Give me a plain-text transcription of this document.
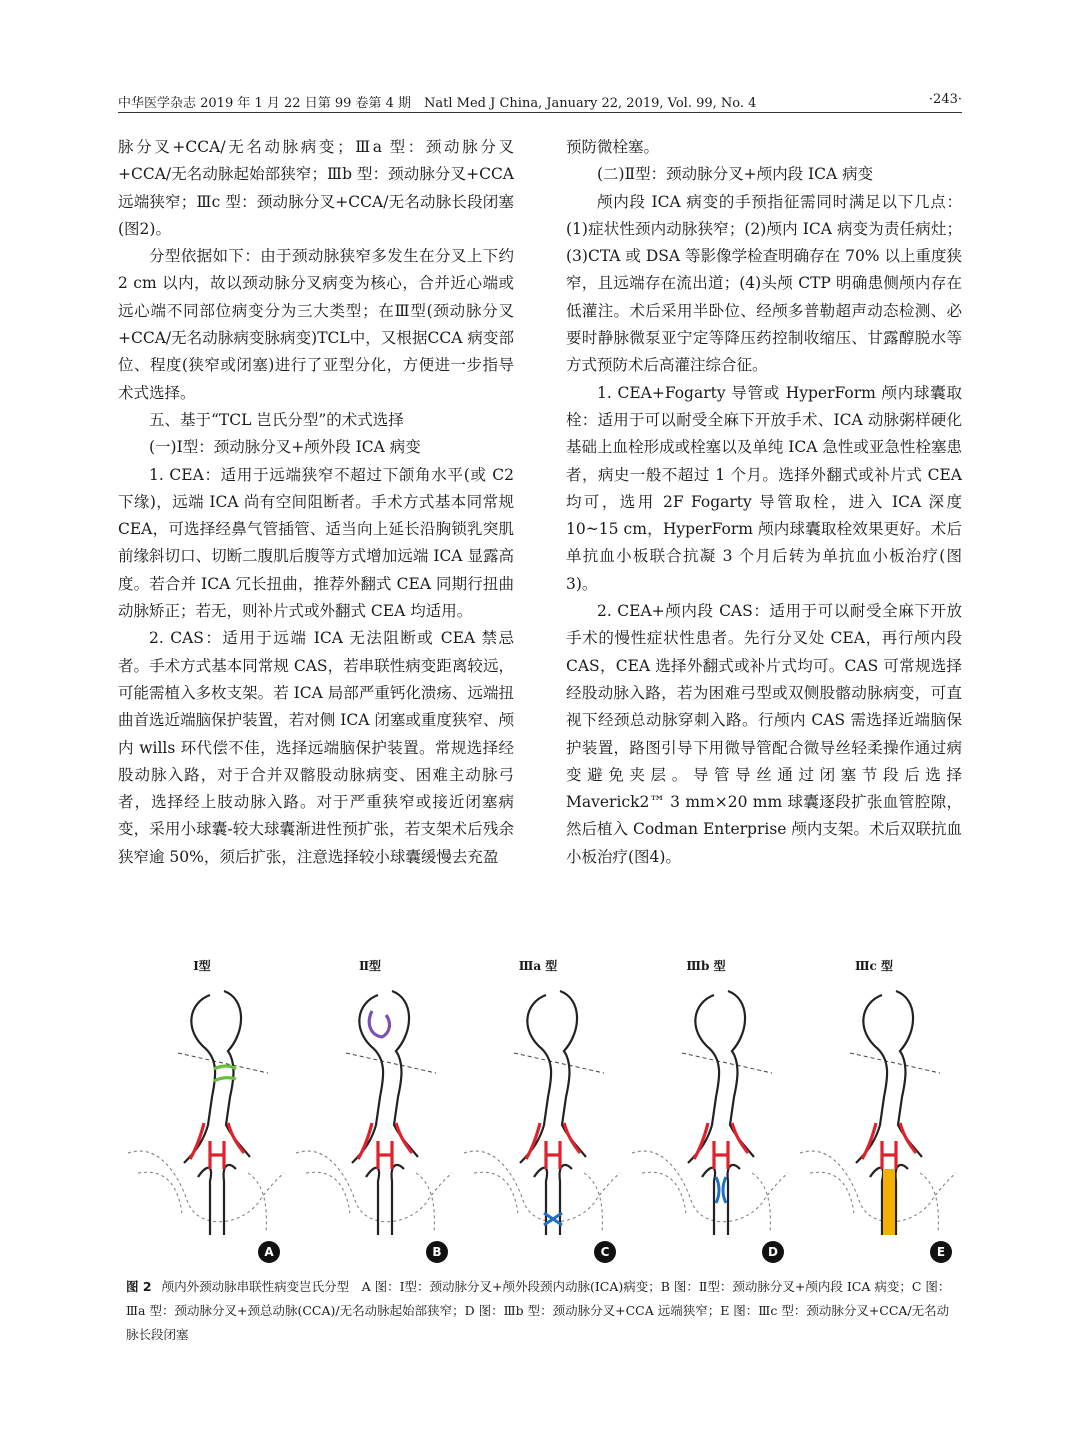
中华医学杂志 2019 年 1 月 22 日第 99 卷第 4 期　Natl Med J China, January 22, 2019, Vol. 99, No. 4	·243·

脉分叉+CCA/无名动脉病变；Ⅲa 型：颈动脉分叉+CCA/无名动脉起始部狭窄；Ⅲb 型：颈动脉分叉+CCA 远端狭窄；Ⅲc 型：颈动脉分叉+CCA/无名动脉长段闭塞(图2)。

分型依据如下：由于颈动脉狭窄多发生在分叉上下约 2 cm 以内，故以颈动脉分叉病变为核心，合并近心端或远心端不同部位病变分为三大类型；在Ⅲ型(颈动脉分叉+CCA/无名动脉病变脉病变)TCL中，又根据CCA 病变部位、程度(狭窄或闭塞)进行了亚型分化，方便进一步指导术式选择。

五、基于“TCL 岂氏分型”的术式选择

(一)Ⅰ型：颈动脉分叉+颅外段 ICA 病变

1. CEA：适用于远端狭窄不超过下颌角水平(或 C2 下缘)，远端 ICA 尚有空间阻断者。手术方式基本同常规 CEA，可选择经鼻气管插管、适当向上延长沿胸锁乳突肌前缘斜切口、切断二腹肌后腹等方式增加远端 ICA 显露高度。若合并 ICA 冗长扭曲，推荐外翻式 CEA 同期行扭曲动脉矫正；若无，则补片式或外翻式 CEA 均适用。

2. CAS：适用于远端 ICA 无法阻断或 CEA 禁忌者。手术方式基本同常规 CAS，若串联性病变距离较远，可能需植入多枚支架。若 ICA 局部严重钙化溃疡、远端扭曲首选近端脑保护装置，若对侧 ICA 闭塞或重度狭窄、颅内 wills 环代偿不佳，选择远端脑保护装置。常规选择经股动脉入路，对于合并双髂股动脉病变、困难主动脉弓者，选择经上肢动脉入路。对于严重狭窄或接近闭塞病变，采用小球囊-较大球囊渐进性预扩张，若支架术后残余狭窄逾 50%，须后扩张，注意选择较小球囊缓慢去充盈

预防微栓塞。

(二)Ⅱ型：颈动脉分叉+颅内段 ICA 病变

颅内段 ICA 病变的手预指征需同时满足以下几点：(1)症状性颈内动脉狭窄；(2)颅内 ICA 病变为责任病灶；(3)CTA 或 DSA 等影像学检查明确存在 70% 以上重度狭窄，且远端存在流出道；(4)头颅 CTP 明确患侧颅内存在低灌注。术后采用半卧位、经颅多普勒超声动态检测、必要时静脉微泵亚宁定等降压药控制收缩压、甘露醇脱水等方式预防术后高灌注综合征。

1. CEA+Fogarty 导管或 HyperForm 颅内球囊取栓：适用于可以耐受全麻下开放手术、ICA 动脉粥样硬化基础上血栓形成或栓塞以及单纯 ICA 急性或亚急性栓塞患者，病史一般不超过 1 个月。选择外翻式或补片式 CEA 均可，选用 2F Fogarty 导管取栓，进入 ICA 深度 10~15 cm，HyperForm 颅内球囊取栓效果更好。术后单抗血小板联合抗凝 3 个月后转为单抗血小板治疗(图3)。

2. CEA+颅内段 CAS：适用于可以耐受全麻下开放手术的慢性症状性患者。先行分叉处 CEA，再行颅内段 CAS，CEA 选择外翻式或补片式均可。CAS 可常规选择经股动脉入路，若为困难弓型或双侧股髂动脉病变，可直视下经颈总动脉穿刺入路。行颅内 CAS 需选择近端脑保护装置，路图引导下用微导管配合微导丝轻柔操作通过病变避免夹层。导管导丝通过闭塞节段后选择 Maverick2™ 3 mm×20 mm 球囊逐段扩张血管腔隙，然后植入 Codman Enterprise 颅内支架。术后双联抗血小板治疗(图4)。

Ⅰ型
A
Ⅱ型
B
Ⅲa 型
C
Ⅲb 型
D
Ⅲc 型
E
图 2 颅内外颈动脉串联性病变岂氏分型　A 图：Ⅰ型：颈动脉分叉+颅外段颈内动脉(ICA)病变；B 图：Ⅱ型：颈动脉分叉+颅内段 ICA 病变；C 图：Ⅲa 型：颈动脉分叉+颈总动脉(CCA)/无名动脉起始部狭窄；D 图：Ⅲb 型：颈动脉分叉+CCA 远端狭窄；E 图：Ⅲc 型：颈动脉分叉+CCA/无名动脉长段闭塞
